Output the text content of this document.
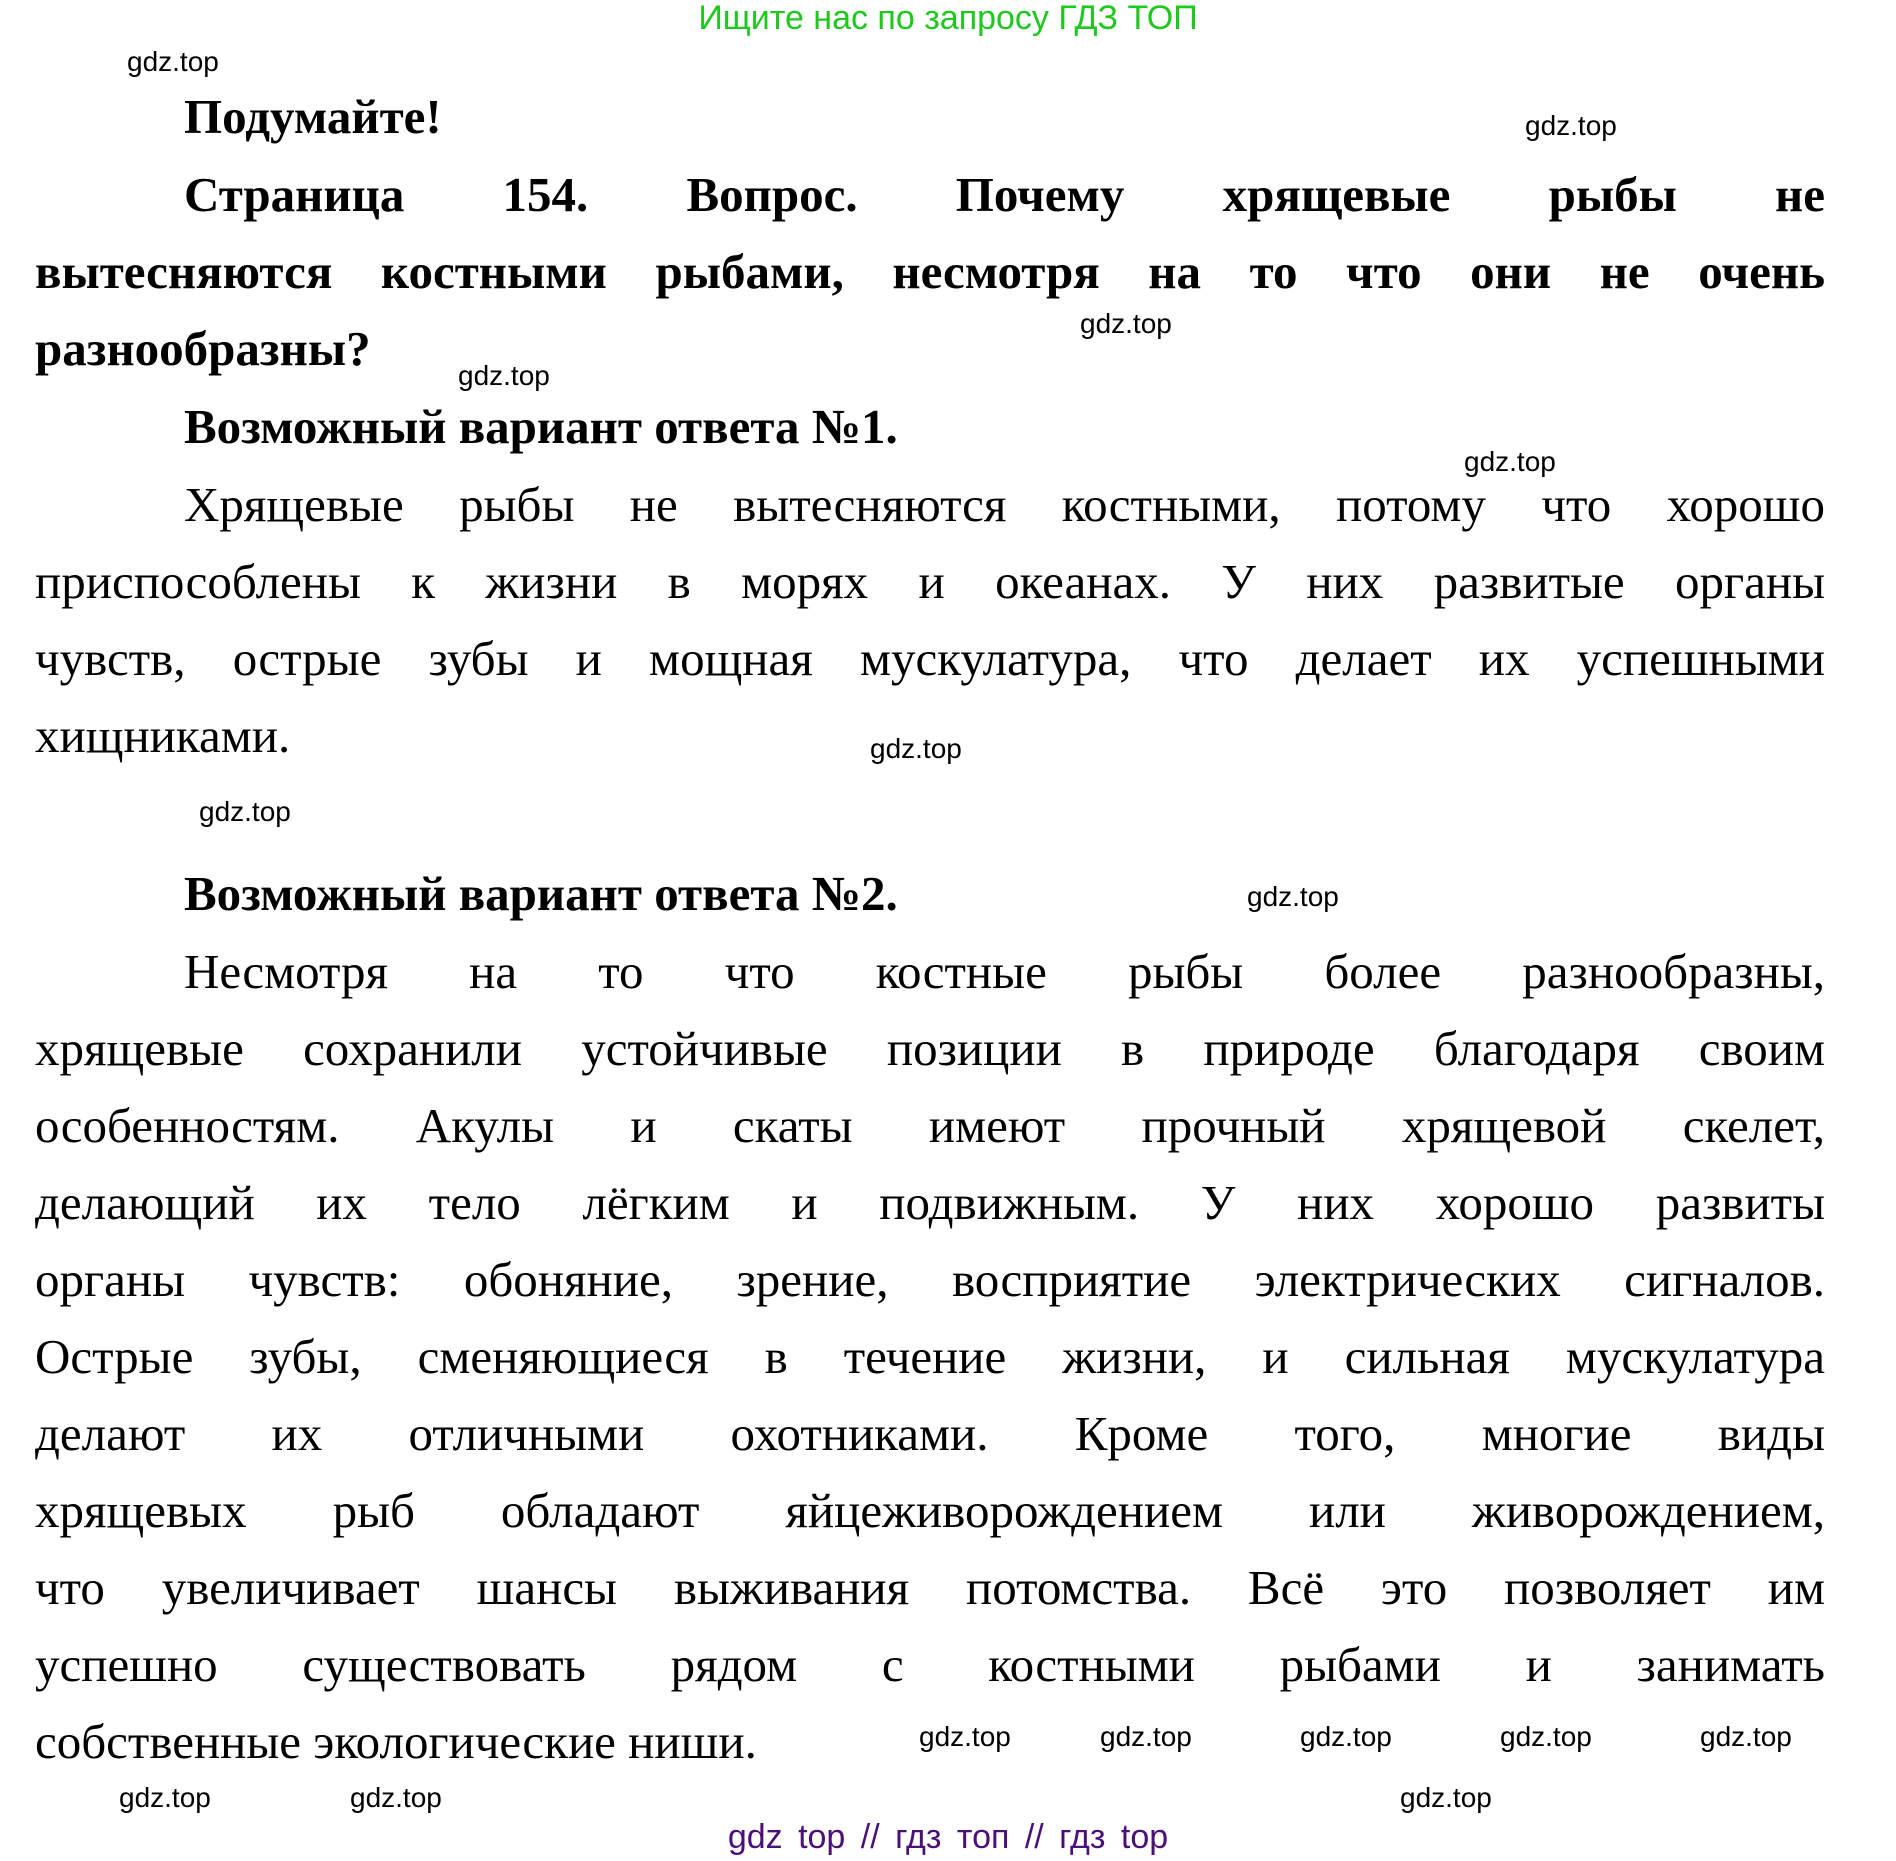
Ищите нас по запросу ГДЗ ТОП
Подумайте!
Страница 154. Вопрос. Почему хрящевые рыбы не
вытесняются костными рыбами, несмотря на то что они не очень
разнообразны?
Возможный вариант ответа №1.
Хрящевые рыбы не вытесняются костными, потому что хорошо
приспособлены к жизни в морях и океанах. У них развитые органы
чувств, острые зубы и мощная мускулатура, что делает их успешными
хищниками.
Возможный вариант ответа №2.
Несмотря на то что костные рыбы более разнообразны,
хрящевые сохранили устойчивые позиции в природе благодаря своим
особенностям. Акулы и скаты имеют прочный хрящевой скелет,
делающий их тело лёгким и подвижным. У них хорошо развиты
органы чувств: обоняние, зрение, восприятие электрических сигналов.
Острые зубы, сменяющиеся в течение жизни, и сильная мускулатура
делают их отличными охотниками. Кроме того, многие виды
хрящевых рыб обладают яйцеживорождением или живорождением,
что увеличивает шансы выживания потомства. Всё это позволяет им
успешно существовать рядом с костными рыбами и занимать
собственные экологические ниши.
gdz.top
gdz.top
gdz.top
gdz.top
gdz.top
gdz.top
gdz.top
gdz.top
gdz.top	gdz.top	gdz.top	gdz.top
gdz.top	gdz.top
gdz.top
gdz.top
gdz top // гдз топ // гдз top
